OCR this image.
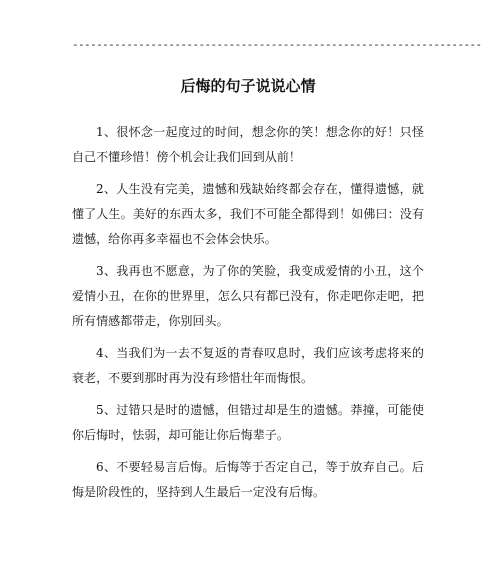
--------------------------------------------------------------------
后悔的句子说说心情

1、很怀念一起度过的时间，想念你的笑！想念你的好！只怪自己不懂珍惜！傍个机会让我们回到从前！

2、人生没有完美，遗憾和残缺始终都会存在，懂得遗憾，就懂了人生。美好的东西太多，我们不可能全都得到！如佛曰：没有遗憾，给你再多幸福也不会体会快乐。

3、我再也不愿意，为了你的笑脸，我变成爱情的小丑，这个爱情小丑，在你的世界里，怎么只有都已没有，你走吧你走吧，把所有情感都带走，你别回头。

4、当我们为一去不复返的青春叹息时，我们应该考虑将来的衰老，不要到那时再为没有珍惜壮年而悔恨。

5、过错只是时的遗憾，但错过却是生的遗憾。莽撞，可能使你后悔时，怯弱，却可能让你后悔辈子。

6、不要轻易言后悔。后悔等于否定自己，等于放弃自己。后悔是阶段性的，坚持到人生最后一定没有后悔。
